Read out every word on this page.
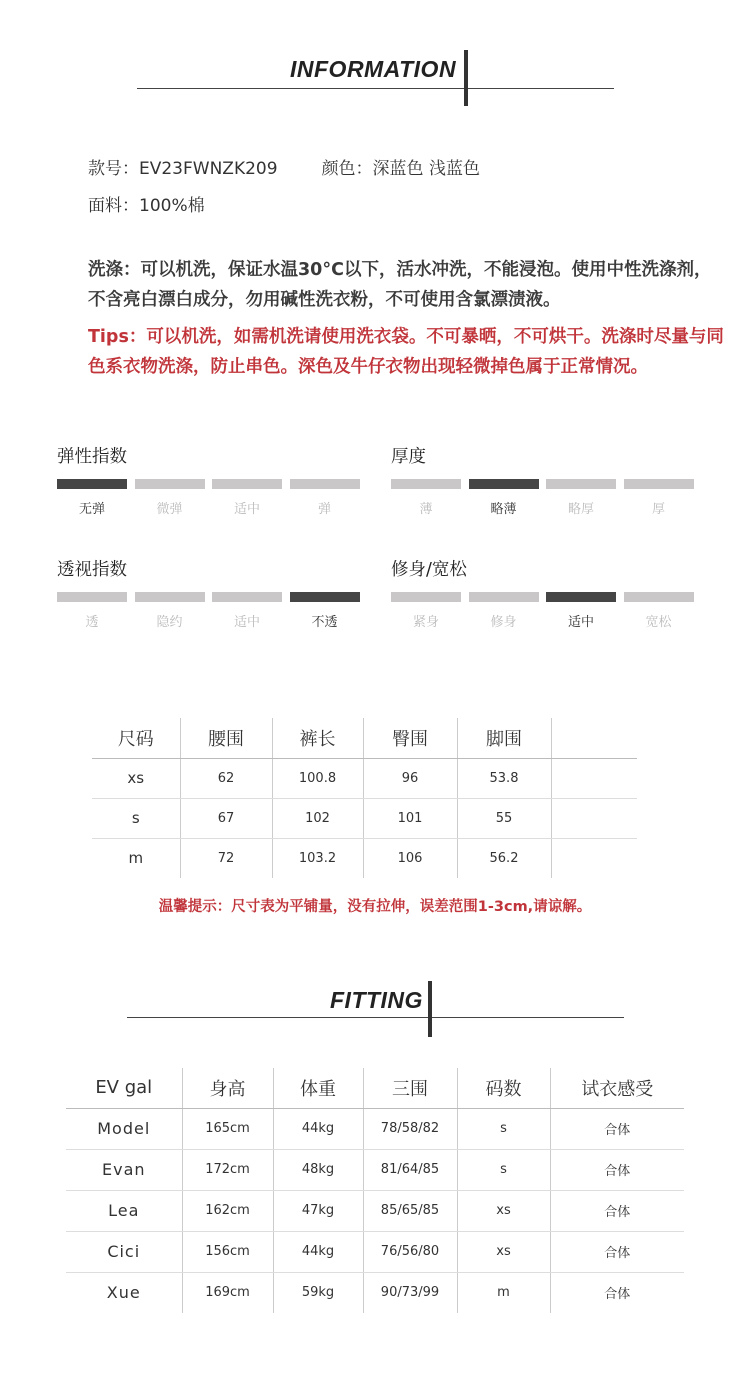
INFORMATION
款号：EV23FWNZK209	颜色：深蓝色 浅蓝色
面料：100%棉
洗涤：可以机洗，保证水温30°C以下，活水冲洗，不能浸泡。使用中性洗涤剂，不含亮白漂白成分，勿用碱性洗衣粉，不可使用含氯漂渍液。
Tips：可以机洗，如需机洗请使用洗衣袋。不可暴晒，不可烘干。洗涤时尽量与同色系衣物洗涤，防止串色。深色及牛仔衣物出现轻微掉色属于正常情况。
弹性指数
无弹	微弹	适中	弹
厚度
薄	略薄	略厚	厚
透视指数
透	隐约	适中	不透
修身/宽松
紧身	修身	适中	宽松
尺码	腰围	裤长	臀围	脚围	
xs	62	100.8	96	53.8	
s	67	102	101	55	
m	72	103.2	106	56.2	
温馨提示：尺寸表为平铺量，没有拉伸，误差范围1-3cm,请谅解。
FITTING
EV gal	身高	体重	三围	码数	试衣感受
Model	165cm	44kg	78/58/82	s	合体
Evan	172cm	48kg	81/64/85	s	合体
Lea	162cm	47kg	85/65/85	xs	合体
Cici	156cm	44kg	76/56/80	xs	合体
Xue	169cm	59kg	90/73/99	m	合体
